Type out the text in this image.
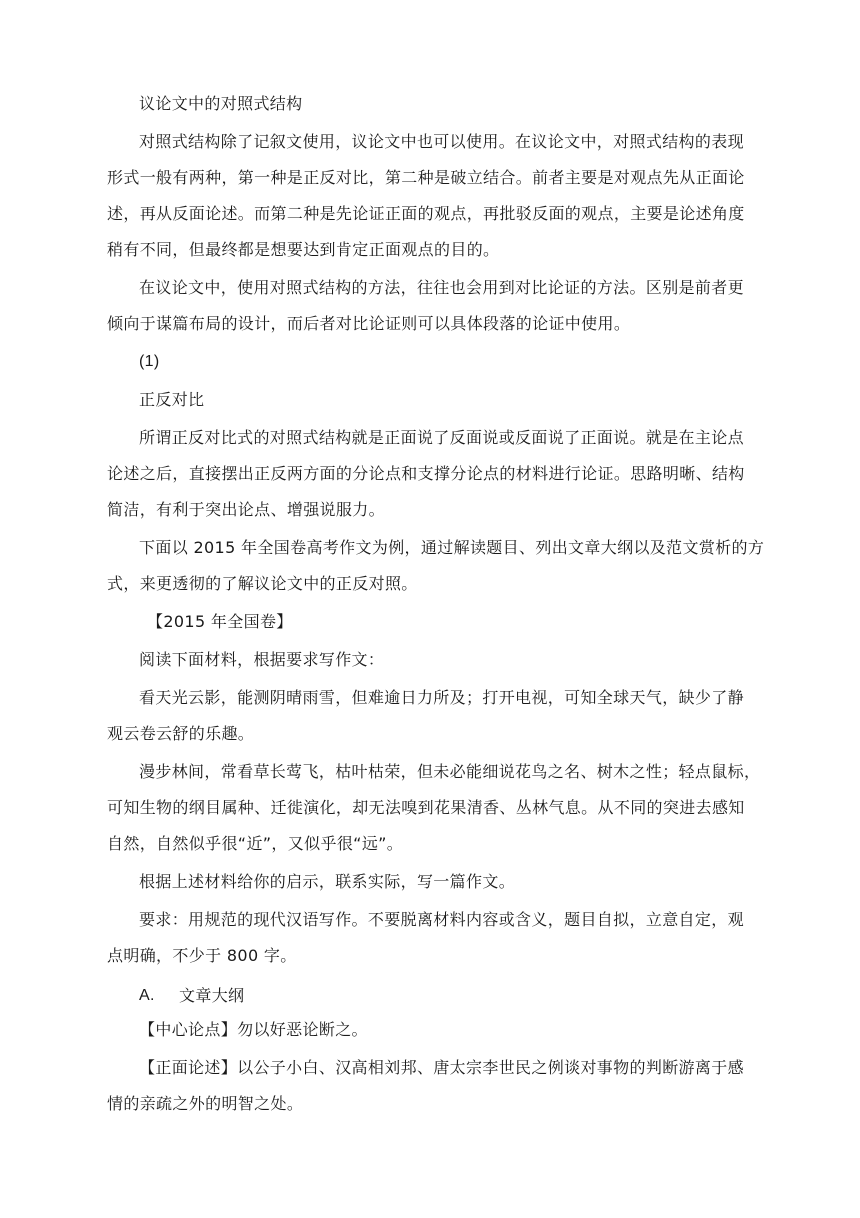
议论文中的对照式结构
对照式结构除了记叙文使用，议论文中也可以使用。在议论文中，对照式结构的表现
形式一般有两种，第一种是正反对比，第二种是破立结合。前者主要是对观点先从正面论
述，再从反面论述。而第二种是先论证正面的观点，再批驳反面的观点，主要是论述角度
稍有不同，但最终都是想要达到肯定正面观点的目的。
在议论文中，使用对照式结构的方法，往往也会用到对比论证的方法。区别是前者更
倾向于谋篇布局的设计，而后者对比论证则可以具体段落的论证中使用。
(1)
正反对比
所谓正反对比式的对照式结构就是正面说了反面说或反面说了正面说。就是在主论点
论述之后，直接摆出正反两方面的分论点和支撑分论点的材料进行论证。思路明晰、结构
简洁，有利于突出论点、增强说服力。
下面以 2015 年全国卷高考作文为例，通过解读题目、列出文章大纲以及范文赏析的方
式，来更透彻的了解议论文中的正反对照。
【2015 年全国卷】
阅读下面材料，根据要求写作文：
看天光云影，能测阴晴雨雪，但难逾日力所及；打开电视，可知全球天气，缺少了静
观云卷云舒的乐趣。
漫步林间，常看草长莺飞，枯叶枯荣，但未必能细说花鸟之名、树木之性；轻点鼠标，
可知生物的纲目属种、迁徙演化，却无法嗅到花果清香、丛林气息。从不同的突进去感知
自然，自然似乎很“近”，又似乎很“远”。
根据上述材料给你的启示，联系实际，写一篇作文。
要求：用规范的现代汉语写作。不要脱离材料内容或含义，题目自拟，立意自定，观
点明确，不少于 800 字。
A. 文章大纲
【中心论点】勿以好恶论断之。
【正面论述】以公子小白、汉高相刘邦、唐太宗李世民之例谈对事物的判断游离于感
情的亲疏之外的明智之处。
